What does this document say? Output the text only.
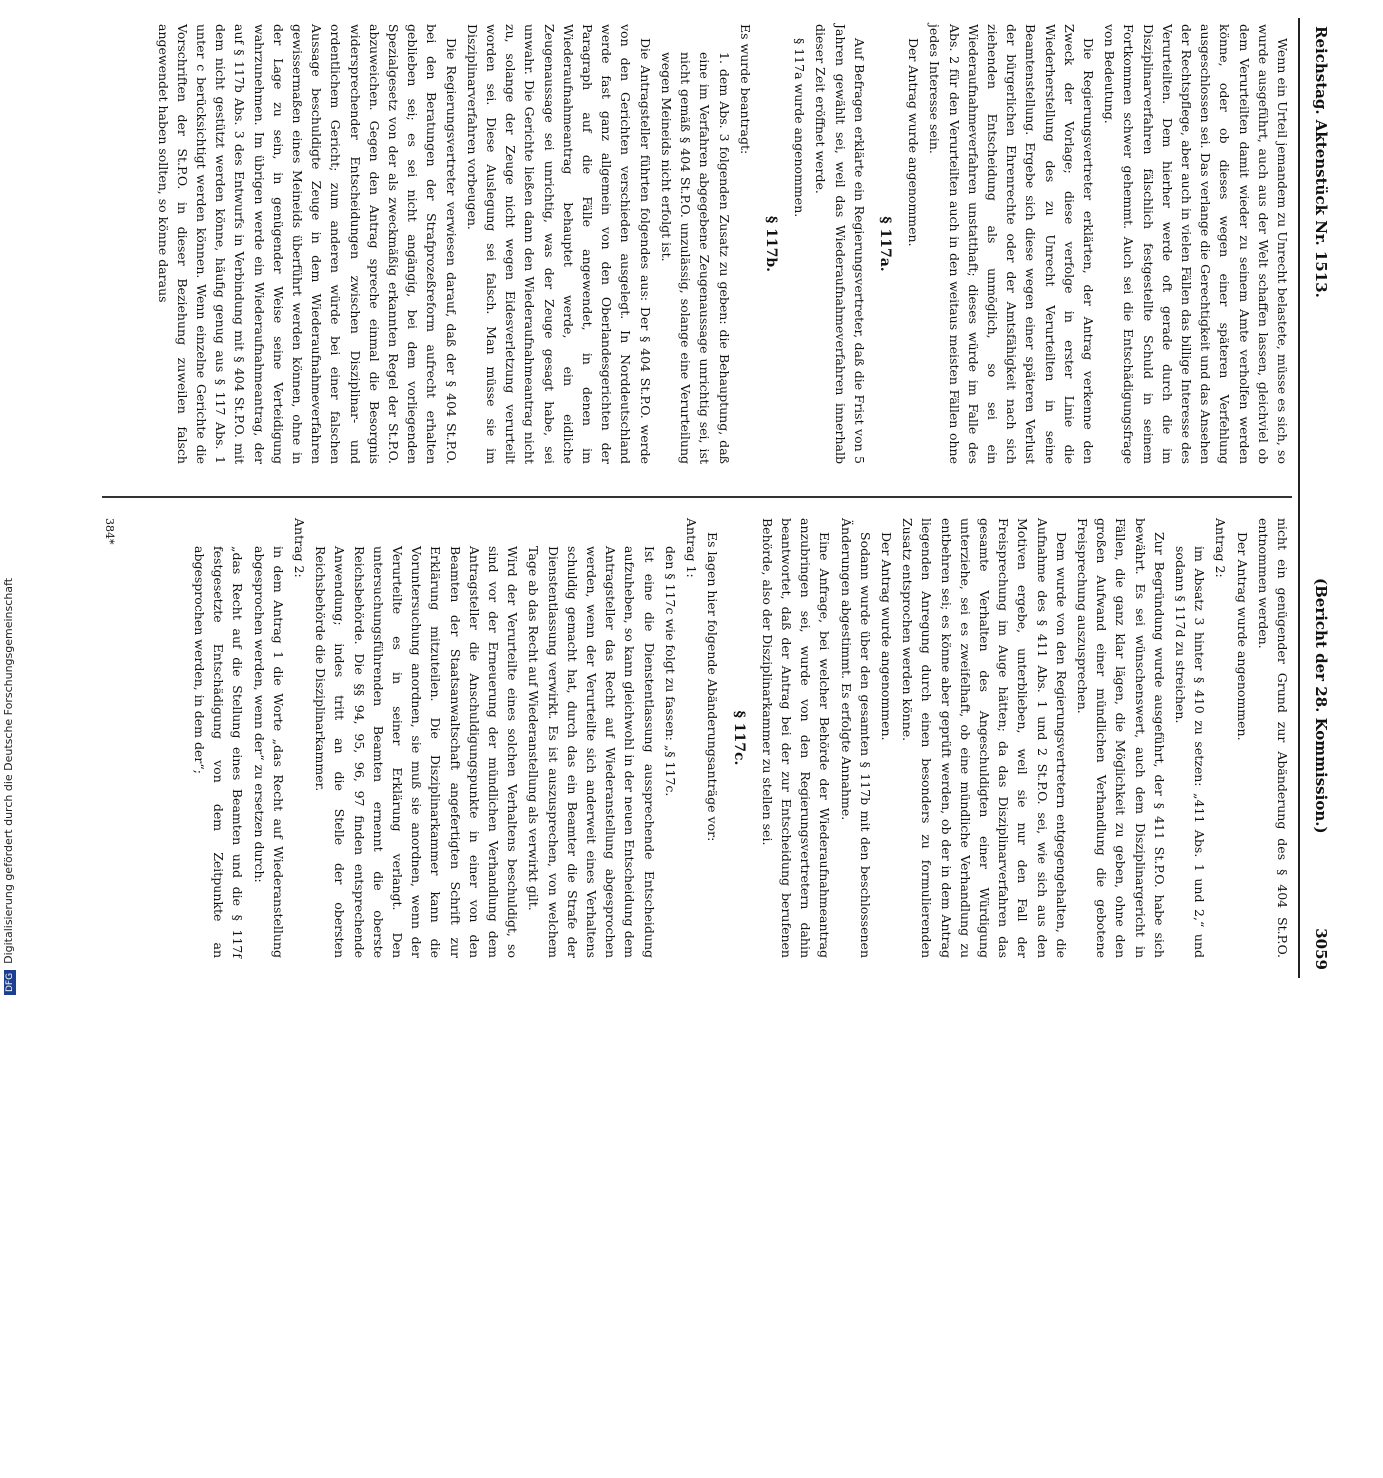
Reichstag. Aktenstück Nr. 1513.
(Bericht der 28. Kommission.)
3059

Wenn ein Urteil jemandem zu Unrecht belastete, müsse es sich, so wurde ausgeführt, auch aus der Welt schaffen lassen, gleichviel ob dem Verurteilten damit wieder zu seinem Amte verholfen werden könne, oder ob dieses wegen einer späteren Verfehlung ausgeschlossen sei. Das verlange die Gerechtigkeit und das Ansehen der Rechtspflege, aber auch in vielen Fällen das billige Interesse des Verurteilten. Dem hierher werde oft gerade durch die im Disziplinarverfahren fälschlich festgestellte Schuld in seinem Fortkommen schwer gehemmt. Auch sei die Entschädigungsfrage von Bedeutung.

Die Regierungsvertreter erklärten, der Antrag verkenne den Zweck der Vorlage; diese verfolge in erster Linie die Wiederherstellung des zu Unrecht Verurteilten in seine Beamtenstellung. Ergebe sich diese wegen einer späteren Verlust der bürgerlichen Ehrenrechte oder der Amtsfähigkeit nach sich ziehenden Entscheidung als unmöglich, so sei ein Wiederaufnahmeverfahren unstatthaft; dieses würde im Falle des Abs. 2 für den Verurteilten auch in den weitaus meisten Fällen ohne jedes Interesse sein.

Der Antrag wurde angenommen.

§ 117a.

Auf Befragen erklärte ein Regierungsvertreter, daß die Frist von 5 Jahren gewählt sei, weil das Wiederaufnahmeverfahren innerhalb dieser Zeit eröffnet werde.

§ 117a wurde angenommen.

§ 117b.

Es wurde beantragt:

1. dem Abs. 3 folgenden Zusatz zu geben: die Behauptung, daß eine im Verfahren abgegebene Zeugenaussage unrichtig sei, ist nicht gemäß § 404 St.P.O. unzulässig, solange eine Verurteilung wegen Meineids nicht erfolgt ist.

Die Antragsteller führten folgendes aus: Der § 404 St.P.O. werde von den Gerichten verschieden ausgelegt. In Norddeutschland werde fast ganz allgemein von den Oberlandesgerichten der Paragraph auf die Fälle angewendet, in denen im Wiederaufnahmeantrag behauptet werde, ein eidliche Zeugenaussage sei unrichtig, was der Zeuge gesagt habe, sei unwahr. Die Gerichte ließen dann den Wiederaufnahmeantrag nicht zu, solange der Zeuge nicht wegen Eidesverletzung verurteilt worden sei. Diese Auslegung sei falsch. Man müsse sie im Disziplinarverfahren vorbeugen.

Die Regierungsvertreter verwiesen darauf, daß der § 404 St.P.O. bei den Beratungen der Strafprozeßreform aufrecht erhalten geblieben sei; es sei nicht angängig, bei dem vorliegenden Spezialgesetz von der als zweckmäßig erkannten Regel der St.P.O. abzuweichen. Gegen den Antrag spreche einmal die Besorgnis widersprechender Entscheidungen zwischen Disziplinar- und ordentlichem Gericht; zum anderen würde bei einer falschen Aussage beschuldigte Zeuge in dem Wiederaufnahmeverfahren gewissermaßen eines Meineids überführt werden können, ohne in der Lage zu sein, in genügender Weise seine Verteidigung wahrzunehmen. Im übrigen werde ein Wiederaufnahmeantrag, der auf § 117b Abs. 3 des Entwurfs in Verbindung mit § 404 St.P.O. mit dem nicht gestützt werden könne, häufig genug aus § 117 Abs. 1 unter c berücksichtigt werden können. Wenn einzelne Gerichte die Vorschriften der St.P.O. in dieser Beziehung zuweilen falsch angewendet haben sollten, so könne daraus

nicht ein genügender Grund zur Abänderung des § 404 St.P.O. entnommen werden.

Der Antrag wurde angenommen.

Antrag 2:

im Absatz 3 hinter § 410 zu setzen: „411 Abs. 1 und 2,“ und sodann § 117d zu streichen.

Zur Begründung wurde ausgeführt, der § 411 St.P.O. habe sich bewährt. Es sei wünschenswert, auch dem Disziplinargericht in Fällen, die ganz klar lägen, die Möglichkeit zu geben, ohne den großen Aufwand einer mündlichen Verhandlung die gebotene Freisprechung auszusprechen.

Dem wurde von den Regierungsvertretern entgegengehalten, die Aufnahme des § 411 Abs. 1 und 2 St.P.O. sei, wie sich aus den Motiven ergebe, unterblieben, weil sie nur den Fall der Freisprechung im Auge hätten; da das Disziplinarverfahren das gesamte Verhalten des Angeschuldigten einer Würdigung unterziehe, sei es zweifelhaft, ob eine mündliche Verhandlung zu entbehren sei; es könne aber geprüft werden, ob der in dem Antrag liegenden Anregung durch einen besonders zu formulierenden Zusatz entsprochen werden könne.

Der Antrag wurde angenommen.

Sodann wurde über den gesamten § 117b mit den beschlossenen Änderungen abgestimmt. Es erfolgte Annahme.

Eine Anfrage, bei welcher Behörde der Wiederaufnahmeantrag anzubringen sei, wurde von den Regierungsvertretern dahin beantwortet, daß der Antrag bei der zur Entscheidung berufenen Behörde, also der Disziplinarkammer zu stellen sei.

§ 117c.

Es lagen hier folgende Abänderungsanträge vor:

Antrag 1:

den § 117c wie folgt zu fassen: „§ 117c.

Ist eine die Dienstentlassung aussprechende Entscheidung aufzuheben, so kann gleichwohl in der neuen Entscheidung dem Antragsteller das Recht auf Wiederanstellung abgesprochen werden, wenn der Verurteilte sich anderweit eines Verhaltens schuldig gemacht hat, durch das ein Beamter die Strafe der Dienstentlassung verwirkt. Es ist auszusprechen, von welchem Tage ab das Recht auf Wiederanstellung als verwirkt gilt.

Wird der Verurteilte eines solchen Verhaltens beschuldigt, so sind vor der Erneuerung der mündlichen Verhandlung dem Antragsteller die Anschuldigungspunkte in einer von den Beamten der Staatsanwaltschaft angefertigten Schrift zur Erklärung mitzuteilen. Die Disziplinarkammer kann die Voruntersuchung anordnen, sie muß sie anordnen, wenn der Verurteilte es in seiner Erklärung verlangt. Den untersuchungsführenden Beamten ernennt die oberste Reichsbehörde. Die §§ 94, 95, 96, 97 finden entsprechende Anwendung; indes tritt an die Stelle der obersten Reichsbehörde die Disziplinarkammer.

Antrag 2:

in dem Antrag 1 die Worte „das Recht auf Wiederanstellung abgesprochen werden, wenn der“ zu ersetzen durch:

„das Recht auf die Stellung eines Beamten und die § 117f festgesetzte Entschädigung von dem Zeitpunkte an abgesprochen werden, in dem der“;

384*
DFGDigitalisierung gefördert durch die Deutsche Forschungsgemeinschaft
